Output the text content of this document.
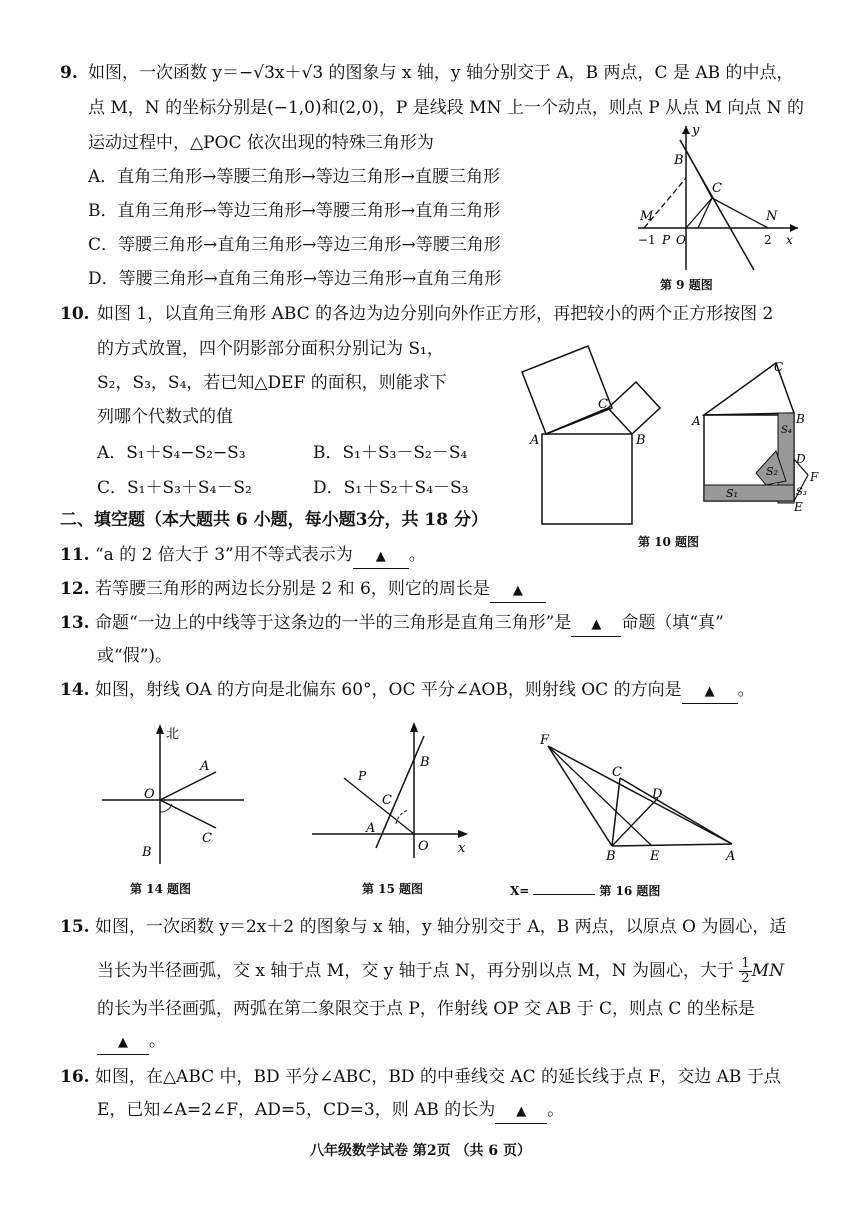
9. 如图，一次函数 y＝−√3x＋√3 的图象与 x 轴，y 轴分别交于 A，B 两点，C 是 AB 的中点，
点 M，N 的坐标分别是(−1,0)和(2,0)，P 是线段 MN 上一个动点，则点 P 从点 M 向点 N 的
运动过程中，△POC 依次出现的特殊三角形为
A．直角三角形→等腰三角形→等边三角形→直腰三角形
B．直角三角形→等边三角形→等腰三角形→直角三角形
C．等腰三角形→直角三角形→等边三角形→等腰三角形
D．等腰三角形→直角三角形→等边三角形→直角三角形
y
B
C
M	N
−1 P O	2 x
第 9 题图
10. 如图 1，以直角三角形 ABC 的各边为边分别向外作正方形，再把较小的两个正方形按图 2
的方式放置，四个阴影部分面积分别记为 S₁，
S₂，S₃，S₄，若已知△DEF 的面积，则能求下
列哪个代数式的值
A．S₁＋S₄−S₂−S₃	B．S₁＋S₃－S₂－S₄
C．S₁＋S₃＋S₄－S₂	D．S₁＋S₂＋S₄－S₃
A	B
C
A	B
C
D
E
F
S₁
S₂
S₃
S₄
第 10 题图
二、填空题（本大题共 6 小题，每小题3分，共 18 分）
11. “a 的 2 倍大于 3”用不等式表示为 ▲ 。
12. 若等腰三角形的两边长分别是 2 和 6，则它的周长是 ▲
13. 命题“一边上的中线等于这条边的一半的三角形是直角三角形”是 ▲ 命题（填“真”
或“假”)。
14. 如图，射线 OA 的方向是北偏东 60°，OC 平分∠AOB，则射线 OC 的方向是 ▲ 。
北
O
A
B
C
第 14 题图
P
B
C
A
O x
第 15 题图
F
C
D
B	E	A
X=	第 16 题图
15. 如图，一次函数 y＝2x＋2 的图象与 x 轴，y 轴分别交于 A，B 两点，以原点 O 为圆心，适
当长为半径画弧，交 x 轴于点 M，交 y 轴于点 N，再分别以点 M，N 为圆心，大于 $\frac{1}{2}$ MN
的长为半径画弧，两弧在第二象限交于点 P，作射线 OP 交 AB 于 C，则点 C 的坐标是
▲ 。
16. 如图，在△ABC 中，BD 平分∠ABC，BD 的中垂线交 AC 的延长线于点 F，交边 AB 于点
E，已知∠A=2∠F，AD=5，CD=3，则 AB 的长为 ▲ 。
八年级数学试卷 第2页 （共 6 页）
